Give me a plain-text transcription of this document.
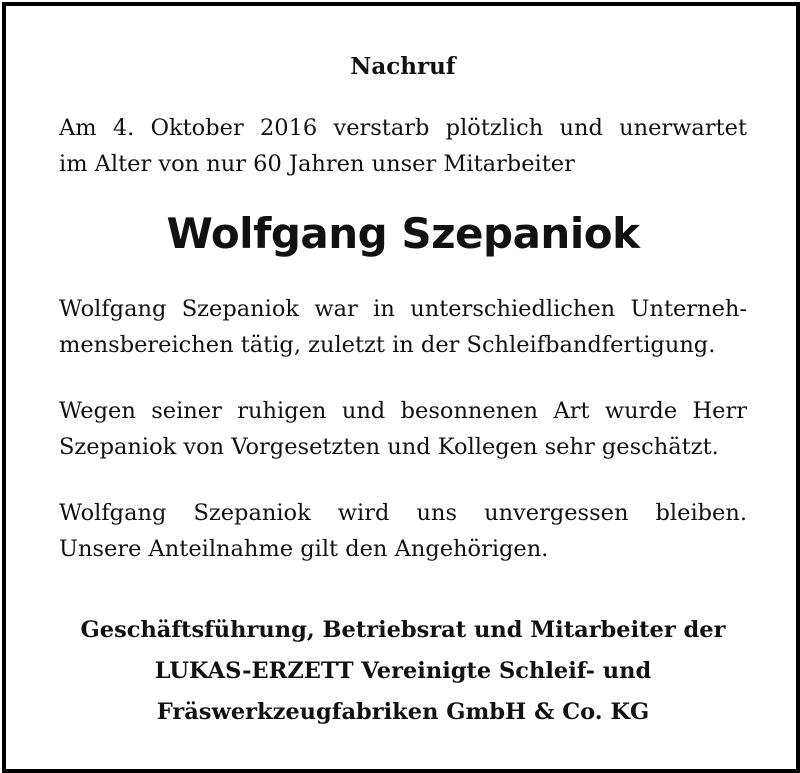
Nachruf
Am 4. Oktober 2016 verstarb plötzlich und unerwartet
im Alter von nur 60 Jahren unser Mitarbeiter
Wolfgang Szepaniok
Wolfgang Szepaniok war in unterschiedlichen Unterneh-
mensbereichen tätig, zuletzt in der Schleifbandfertigung.
Wegen seiner ruhigen und besonnenen Art wurde Herr
Szepaniok von Vorgesetzten und Kollegen sehr geschätzt.
Wolfgang Szepaniok wird uns unvergessen bleiben.
Unsere Anteilnahme gilt den Angehörigen.
Geschäftsführung, Betriebsrat und Mitarbeiter der
LUKAS-ERZETT Vereinigte Schleif- und
Fräswerkzeugfabriken GmbH & Co. KG
